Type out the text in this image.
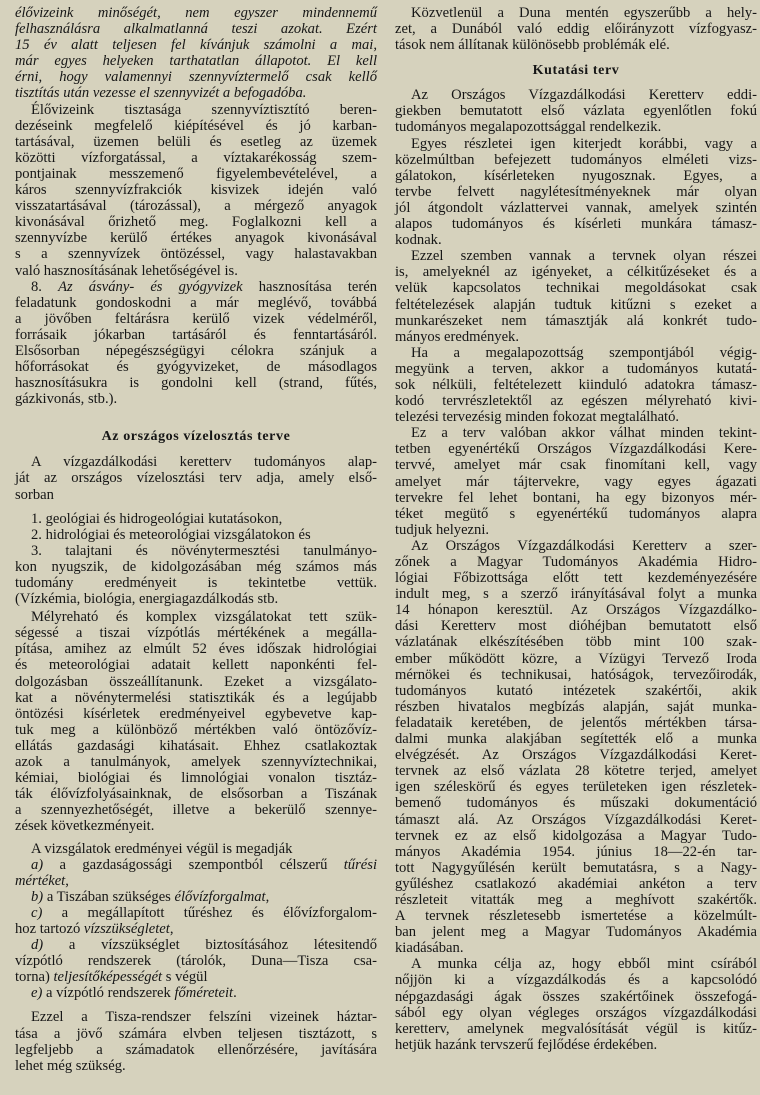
élővizeink minőségét, nem egyszer mindennemű
felhasználásra alkalmatlanná teszi azokat. Ezért
15 év alatt teljesen fel kívánjuk számolni a mai,
már egyes helyeken tarthatatlan állapotot. El kell
érni, hogy valamennyi szennyvíztermelő csak kellő
tisztítás után vezesse el szennyvizét a befogadóba.
Élővizeink tisztasága szennyvíztisztító beren-
dezéseink megfelelő kiépítésével és jó karban-
tartásával, üzemen belüli és esetleg az üzemek
közötti vízforgatással, a víztakarékosság szem-
pontjainak messzemenő figyelembevételével, a
káros szennyvízfrakciók kisvizek idején való
visszatartásával (tározással), a mérgező anyagok
kivonásával őrizhető meg. Foglalkozni kell a
szennyvízbe kerülő értékes anyagok kivonásával
s a szennyvízek öntözéssel, vagy halastavakban
való hasznosításának lehetőségével is.
8. Az ásvány- és gyógyvizek hasznosítása terén
feladatunk gondoskodni a már meglévő, továbbá
a jövőben feltárásra kerülő vizek védelméről,
forrásaik jókarban tartásáról és fenntartásáról.
Elsősorban népegészségügyi célokra szánjuk a
hőforrásokat és gyógyvizeket, de másodlagos
hasznosításukra is gondolni kell (strand, fűtés,
gázkivonás, stb.).
Az országos vízelosztás terve
A vízgazdálkodási keretterv tudományos alap-
ját az országos vízelosztási terv adja, amely első-
sorban
1. geológiai és hidrogeológiai kutatásokon,
2. hidrológiai és meteorológiai vizsgálatokon és
3. talajtani és növénytermesztési tanulmányo-
kon nyugszik, de kidolgozásában még számos más
tudomány eredményeit is tekintetbe vettük.
(Vízkémia, biológia, energiagazdálkodás stb.
Mélyreható és komplex vizsgálatokat tett szük-
ségessé a tiszai vízpótlás mértékének a megálla-
pítása, amihez az elmúlt 52 éves időszak hidrológiai
és meteorológiai adatait kellett naponkénti fel-
dolgozásban összeállítanunk. Ezeket a vizsgálato-
kat a növénytermelési statisztikák és a legújabb
öntözési kísérletek eredményeivel egybevetve kap-
tuk meg a különböző mértékben való öntözővíz-
ellátás gazdasági kihatásait. Ehhez csatlakoztak
azok a tanulmányok, amelyek szennyvíztechnikai,
kémiai, biológiai és limnológiai vonalon tisztáz-
ták élővízfolyásainknak, de elsősorban a Tiszának
a szennyezhetőségét, illetve a bekerülő szennye-
zések következményeit.
A vizsgálatok eredményei végül is megadják
a) a gazdaságossági szempontból célszerű tűrési
mértéket,
b) a Tiszában szükséges élővízforgalmat,
c) a megállapított tűréshez és élővízforgalom-
hoz tartozó vízszükségletet,
d) a vízszükséglet biztosításához létesitendő
vízpótló rendszerek (tárolók, Duna—Tisza csa-
torna) teljesítőképességét s végül
e) a vízpótló rendszerek főméreteit.
Ezzel a Tisza-rendszer felszíni vizeinek háztar-
tása a jövő számára elvben teljesen tisztázott, s
legfeljebb a számadatok ellenőrzésére, javítására
lehet még szükség.
Közvetlenül a Duna mentén egyszerűbb a hely-
zet, a Dunából való eddig előirányzott vízfogyasz-
tások nem állítanak különösebb problémák elé.
Kutatási terv
Az Országos Vízgazdálkodási Keretterv eddi-
giekben bemutatott első vázlata egyenlőtlen fokú
tudományos megalapozottsággal rendelkezik.
Egyes részletei igen kiterjedt korábbi, vagy a
közelmúltban befejezett tudományos elméleti vizs-
gálatokon, kísérleteken nyugosznak. Egyes, a
tervbe felvett nagylétesítményeknek már olyan
jól átgondolt vázlattervei vannak, amelyek szintén
alapos tudományos és kísérleti munkára támasz-
kodnak.
Ezzel szemben vannak a tervnek olyan részei
is, amelyeknél az igényeket, a célkitűzéseket és a
velük kapcsolatos technikai megoldásokat csak
feltételezések alapján tudtuk kitűzni s ezeket a
munkarészeket nem támasztják alá konkrét tudo-
mányos eredmények.
Ha a megalapozottság szempontjából végig-
megyünk a terven, akkor a tudományos kutatá-
sok nélküli, feltételezett kiinduló adatokra támasz-
kodó tervrészletektől az egészen mélyreható kivi-
telezési tervezésig minden fokozat megtalálható.
Ez a terv valóban akkor válhat minden tekint-
tetben egyenértékű Országos Vízgazdálkodási Kere-
tervvé, amelyet már csak finomítani kell, vagy
amelyet már tájtervekre, vagy egyes ágazati
tervekre fel lehet bontani, ha egy bizonyos mér-
téket megütő s egyenértékű tudományos alapra
tudjuk helyezni.
Az Országos Vízgazdálkodási Keretterv a szer-
zőnek a Magyar Tudományos Akadémia Hidro-
lógiai Főbizottsága előtt tett kezdeményezésére
indult meg, s a szerző irányításával folyt a munka
14 hónapon keresztül. Az Országos Vízgazdálko-
dási Keretterv most dióhéjban bemutatott első
vázlatának elkészítésében több mint 100 szak-
ember működött közre, a Vízügyi Tervező Iroda
mérnökei és technikusai, hatóságok, tervezőirodák,
tudományos kutató intézetek szakértői, akik
részben hivatalos megbízás alapján, saját munka-
feladataik keretében, de jelentős mértékben társa-
dalmi munka alakjában segítették elő a munka
elvégzését. Az Országos Vízgazdálkodási Keret-
tervnek az első vázlata 28 kötetre terjed, amelyet
igen széleskörű és egyes területeken igen részletek-
bemenő tudományos és műszaki dokumentáció
támaszt alá. Az Országos Vízgazdálkodási Keret-
tervnek ez az első kidolgozása a Magyar Tudo-
mányos Akadémia 1954. június 18—22-én tar-
tott Nagygyűlésén került bemutatásra, s a Nagy-
gyűléshez csatlakozó akadémiai ankéton a terv
részleteit vitatták meg a meghívott szakértők.
A tervnek részletesebb ismertetése a közelmúlt-
ban jelent meg a Magyar Tudományos Akadémia
kiadásában.
A munka célja az, hogy ebből mint csírából
nőjjön ki a vízgazdálkodás és a kapcsolódó
népgazdasági ágak összes szakértőinek összefogá-
sából egy olyan végleges országos vízgazdálkodási
keretterv, amelynek megvalósítását végül is kitűz-
hetjük hazánk tervszerű fejlődése érdekében.
